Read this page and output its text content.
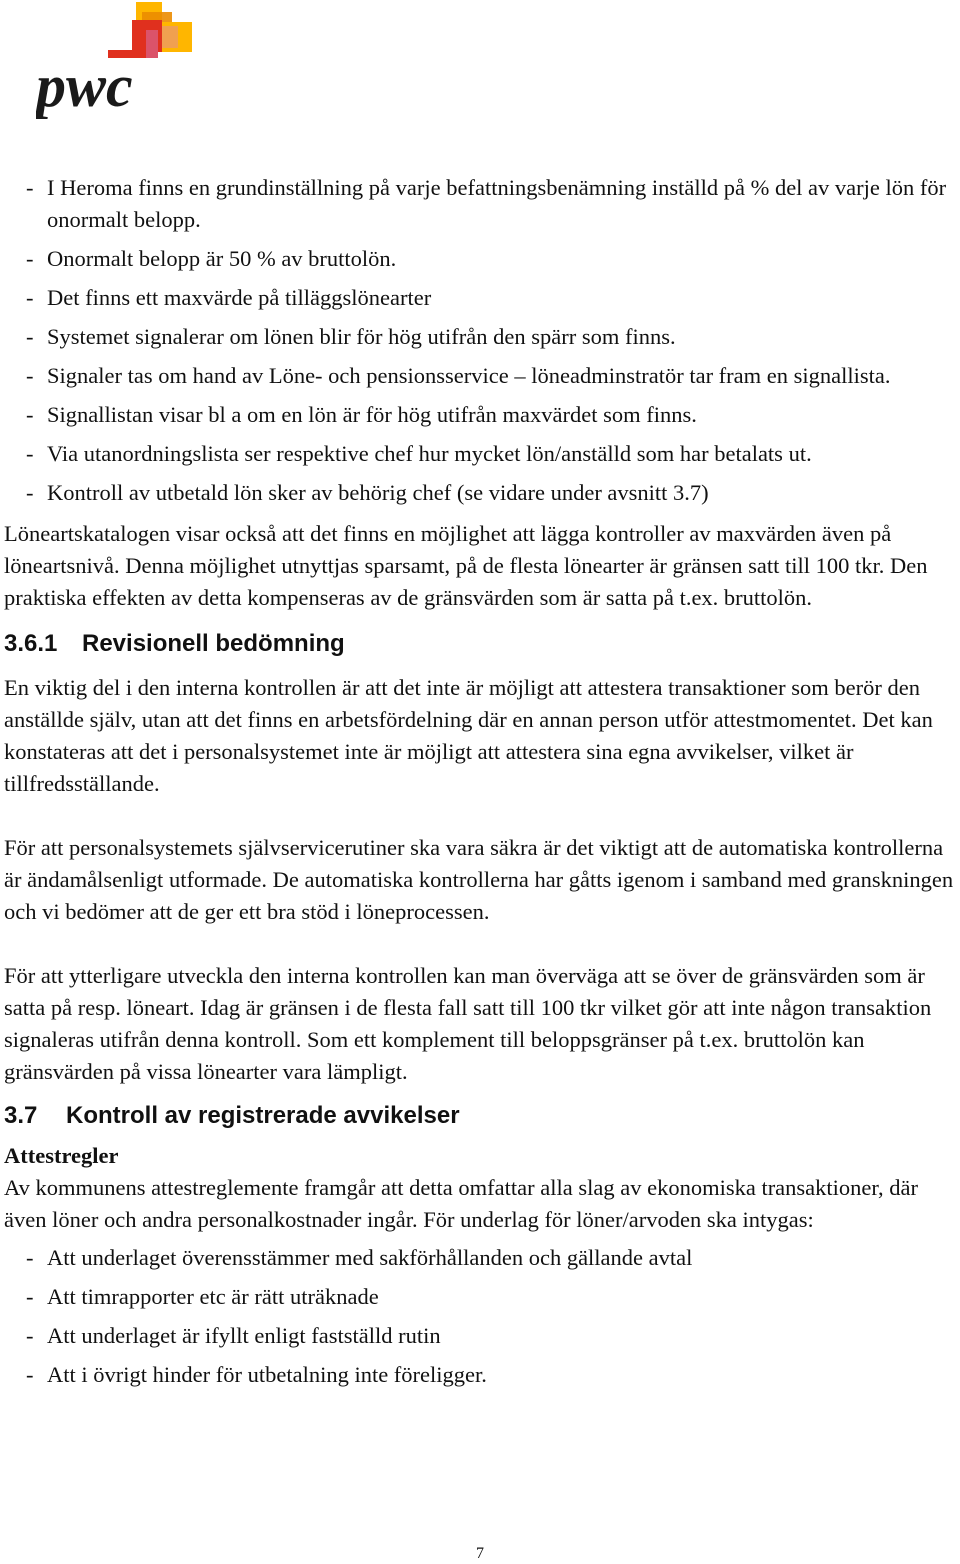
pwc
- I Heroma finns en grundinställning på varje befattningsbenämning inställd på % del av varje lön för onormalt belopp.
- Onormalt belopp är 50 % av bruttolön.
- Det finns ett maxvärde på tilläggslönearter
- Systemet signalerar om lönen blir för hög utifrån den spärr som finns.
- Signaler tas om hand av Löne- och pensionsservice – löneadminstratör tar fram en signallista.
- Signallistan visar bl a om en lön är för hög utifrån maxvärdet som finns.
- Via utanordningslista ser respektive chef hur mycket lön/anställd som har betalats ut.
- Kontroll av utbetald lön sker av behörig chef (se vidare under avsnitt 3.7)

Löneartskatalogen visar också att det finns en möjlighet att lägga kontroller av maxvärden även på löneartsnivå. Denna möjlighet utnyttjas sparsamt, på de flesta lönearter är gränsen satt till 100 tkr. Den praktiska effekten av detta kompenseras av de gränsvärden som är satta på t.ex. bruttolön.

3.6.1 Revisionell bedömning

En viktig del i den interna kontrollen är att det inte är möjligt att attestera transaktioner som berör den anställde själv, utan att det finns en arbetsfördelning där en annan person utför attestmomentet. Det kan konstateras att det i personalsystemet inte är möjligt att attestera sina egna avvikelser, vilket är tillfredsställande.

För att personalsystemets självservicerutiner ska vara säkra är det viktigt att de automatiska kontrollerna är ändamålsenligt utformade. De automatiska kontrollerna har gåtts igenom i samband med granskningen och vi bedömer att de ger ett bra stöd i löneprocessen.

För att ytterligare utveckla den interna kontrollen kan man överväga att se över de gränsvärden som är satta på resp. löneart. Idag är gränsen i de flesta fall satt till 100 tkr vilket gör att inte någon transaktion signaleras utifrån denna kontroll. Som ett komplement till beloppsgränser på t.ex. bruttolön kan gränsvärden på vissa lönearter vara lämpligt.

3.7 Kontroll av registrerade avvikelser

Attestregler

Av kommunens attestreglemente framgår att detta omfattar alla slag av ekonomiska transaktioner, där även löner och andra personalkostnader ingår. För underlag för löner/arvoden ska intygas:

- Att underlaget överensstämmer med sakförhållanden och gällande avtal
- Att timrapporter etc är rätt uträknade
- Att underlaget är ifyllt enligt fastställd rutin
- Att i övrigt hinder för utbetalning inte föreligger.
7
